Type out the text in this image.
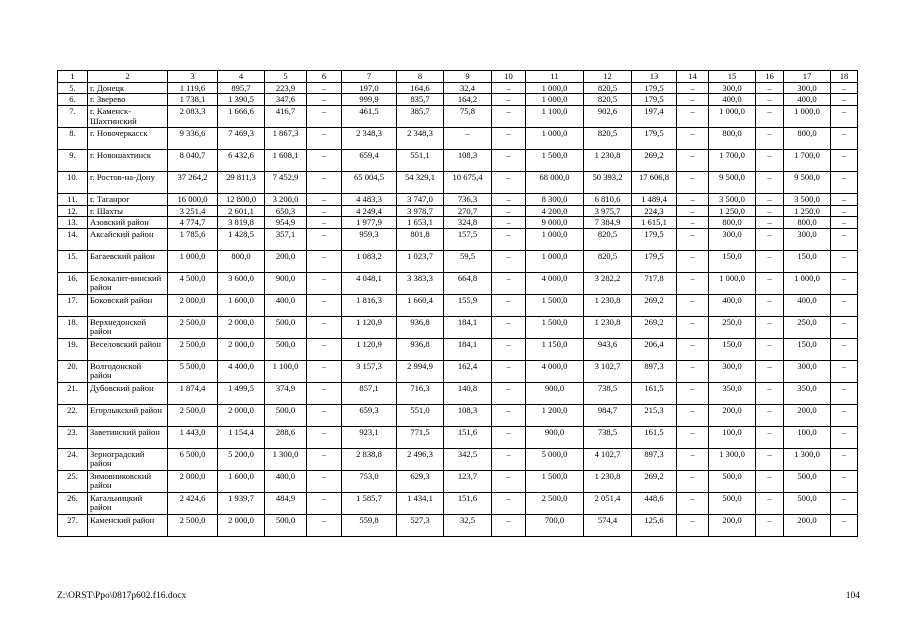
1	2	3	4	5	6	7	8	9	10	11	12	13	14	15	16	17	18
5.	г. Донецк	1 119,6	895,7	223,9	–	197,0	164,6	32,4	–	1 000,0	820,5	179,5	–	300,0	–	300,0	–
6.	г. Зверево	1 738,1	1 390,5	347,6	–	999,9	835,7	164,2	–	1 000,0	820,5	179,5	–	400,0	–	400,0	–
7.	г. Каменск-Шахтинский	2 083,3	1 666,6	416,7	–	461,5	385,7	75,8	–	1 100,0	902,6	197,4	–	1 000,0	–	1 000,0	–
8.	г. Новочеркасск	9 336,6	7 469,3	1 867,3	–	2 348,3	2 348,3	–	–	1 000,0	820,5	179,5	–	800,0	–	800,0	–
9.	г. Новошахтинск	8 040,7	6 432,6	1 608,1	–	659,4	551,1	108,3	–	1 500,0	1 230,8	269,2	–	1 700,0	–	1 700,0	–
10.	г. Ростов-на-Дону	37 264,2	29 811,3	7 452,9	–	65 004,5	54 329,1	10 675,4	–	68 000,0	50 393,2	17 606,8	–	9 500,0	–	9 500,0	–
11.	г. Таганрог	16 000,0	12 800,0	3 200,0	–	4 483,3	3 747,0	736,3	–	8 300,0	6 810,6	1 489,4	–	3 500,0	–	3 500,0	–
12.	г. Шахты	3 251,4	2 601,1	650,3	–	4 249,4	3 978,7	270,7	–	4 200,0	3 975,7	224,3	–	1 250,0	–	1 250,0	–
13.	Азовский район	4 774,7	3 819,8	954,9	–	1 977,9	1 653,1	324,8	–	9 000,0	7 384,9	1 615,1	–	800,0	–	800,0	–
14.	Аксайский район	1 785,6	1 428,5	357,1	–	959,3	801,8	157,5	–	1 000,0	820,5	179,5	–	300,0	–	300,0	–
15.	Багаевский район	1 000,0	800,0	200,0	–	1 083,2	1 023,7	59,5	–	1 000,0	820,5	179,5	–	150,0	–	150,0	–
16.	Белокалит-винский район	4 500,0	3 600,0	900,0	–	4 048,1	3 383,3	664,8	–	4 000,0	3 282,2	717,8	–	1 000,0	–	1 000,0	–
17.	Боковский район	2 000,0	1 600,0	400,0	–	1 816,3	1 660,4	155,9	–	1 500,0	1 230,8	269,2	–	400,0	–	400,0	–
18.	Верхнедонской район	2 500,0	2 000,0	500,0	–	1 120,9	936,8	184,1	–	1 500,0	1 230,8	269,2	–	250,0	–	250,0	–
19.	Веселовский район	2 500,0	2 000,0	500,0	–	1 120,9	936,8	184,1	–	1 150,0	943,6	206,4	–	150,0	–	150,0	–
20.	Волгодонской район	5 500,0	4 400,0	1 100,0	–	3 157,3	2 994,9	162,4	–	4 000,0	3 102,7	897,3	–	300,0	–	300,0	–
21.	Дубовский район	1 874,4	1 499,5	374,9	–	857,1	716,3	140,8	–	900,0	738,5	161,5	–	350,0	–	350,0	–
22.	Егорлыкский район	2 500,0	2 000,0	500,0	–	659,3	551,0	108,3	–	1 200,0	984,7	215,3	–	200,0	–	200,0	–
23.	Заветинский район	1 443,0	1 154,4	288,6	–	923,1	771,5	151,6	–	900,0	738,5	161,5	–	100,0	–	100,0	–
24.	Зерноградский район	6 500,0	5 200,0	1 300,0	–	2 838,8	2 496,3	342,5	–	5 000,0	4 102,7	897,3	–	1 300,0	–	1 300,0	–
25.	Зимовниковский район	2 000,0	1 600,0	400,0	–	753,0	629,3	123,7	–	1 500,0	1 230,8	269,2	–	500,0	–	500,0	–
26.	Кагальницкий район	2 424,6	1 939,7	484,9	–	1 585,7	1 434,1	151,6	–	2 500,0	2 051,4	448,6	–	500,0	–	500,0	–
27.	Каменский район	2 500,0	2 000,0	500,0	–	559,8	527,3	32,5	–	700,0	574,4	125,6	–	200,0	–	200,0	–
Z:\ORST\Ppo\0817p602.f16.docx	104
